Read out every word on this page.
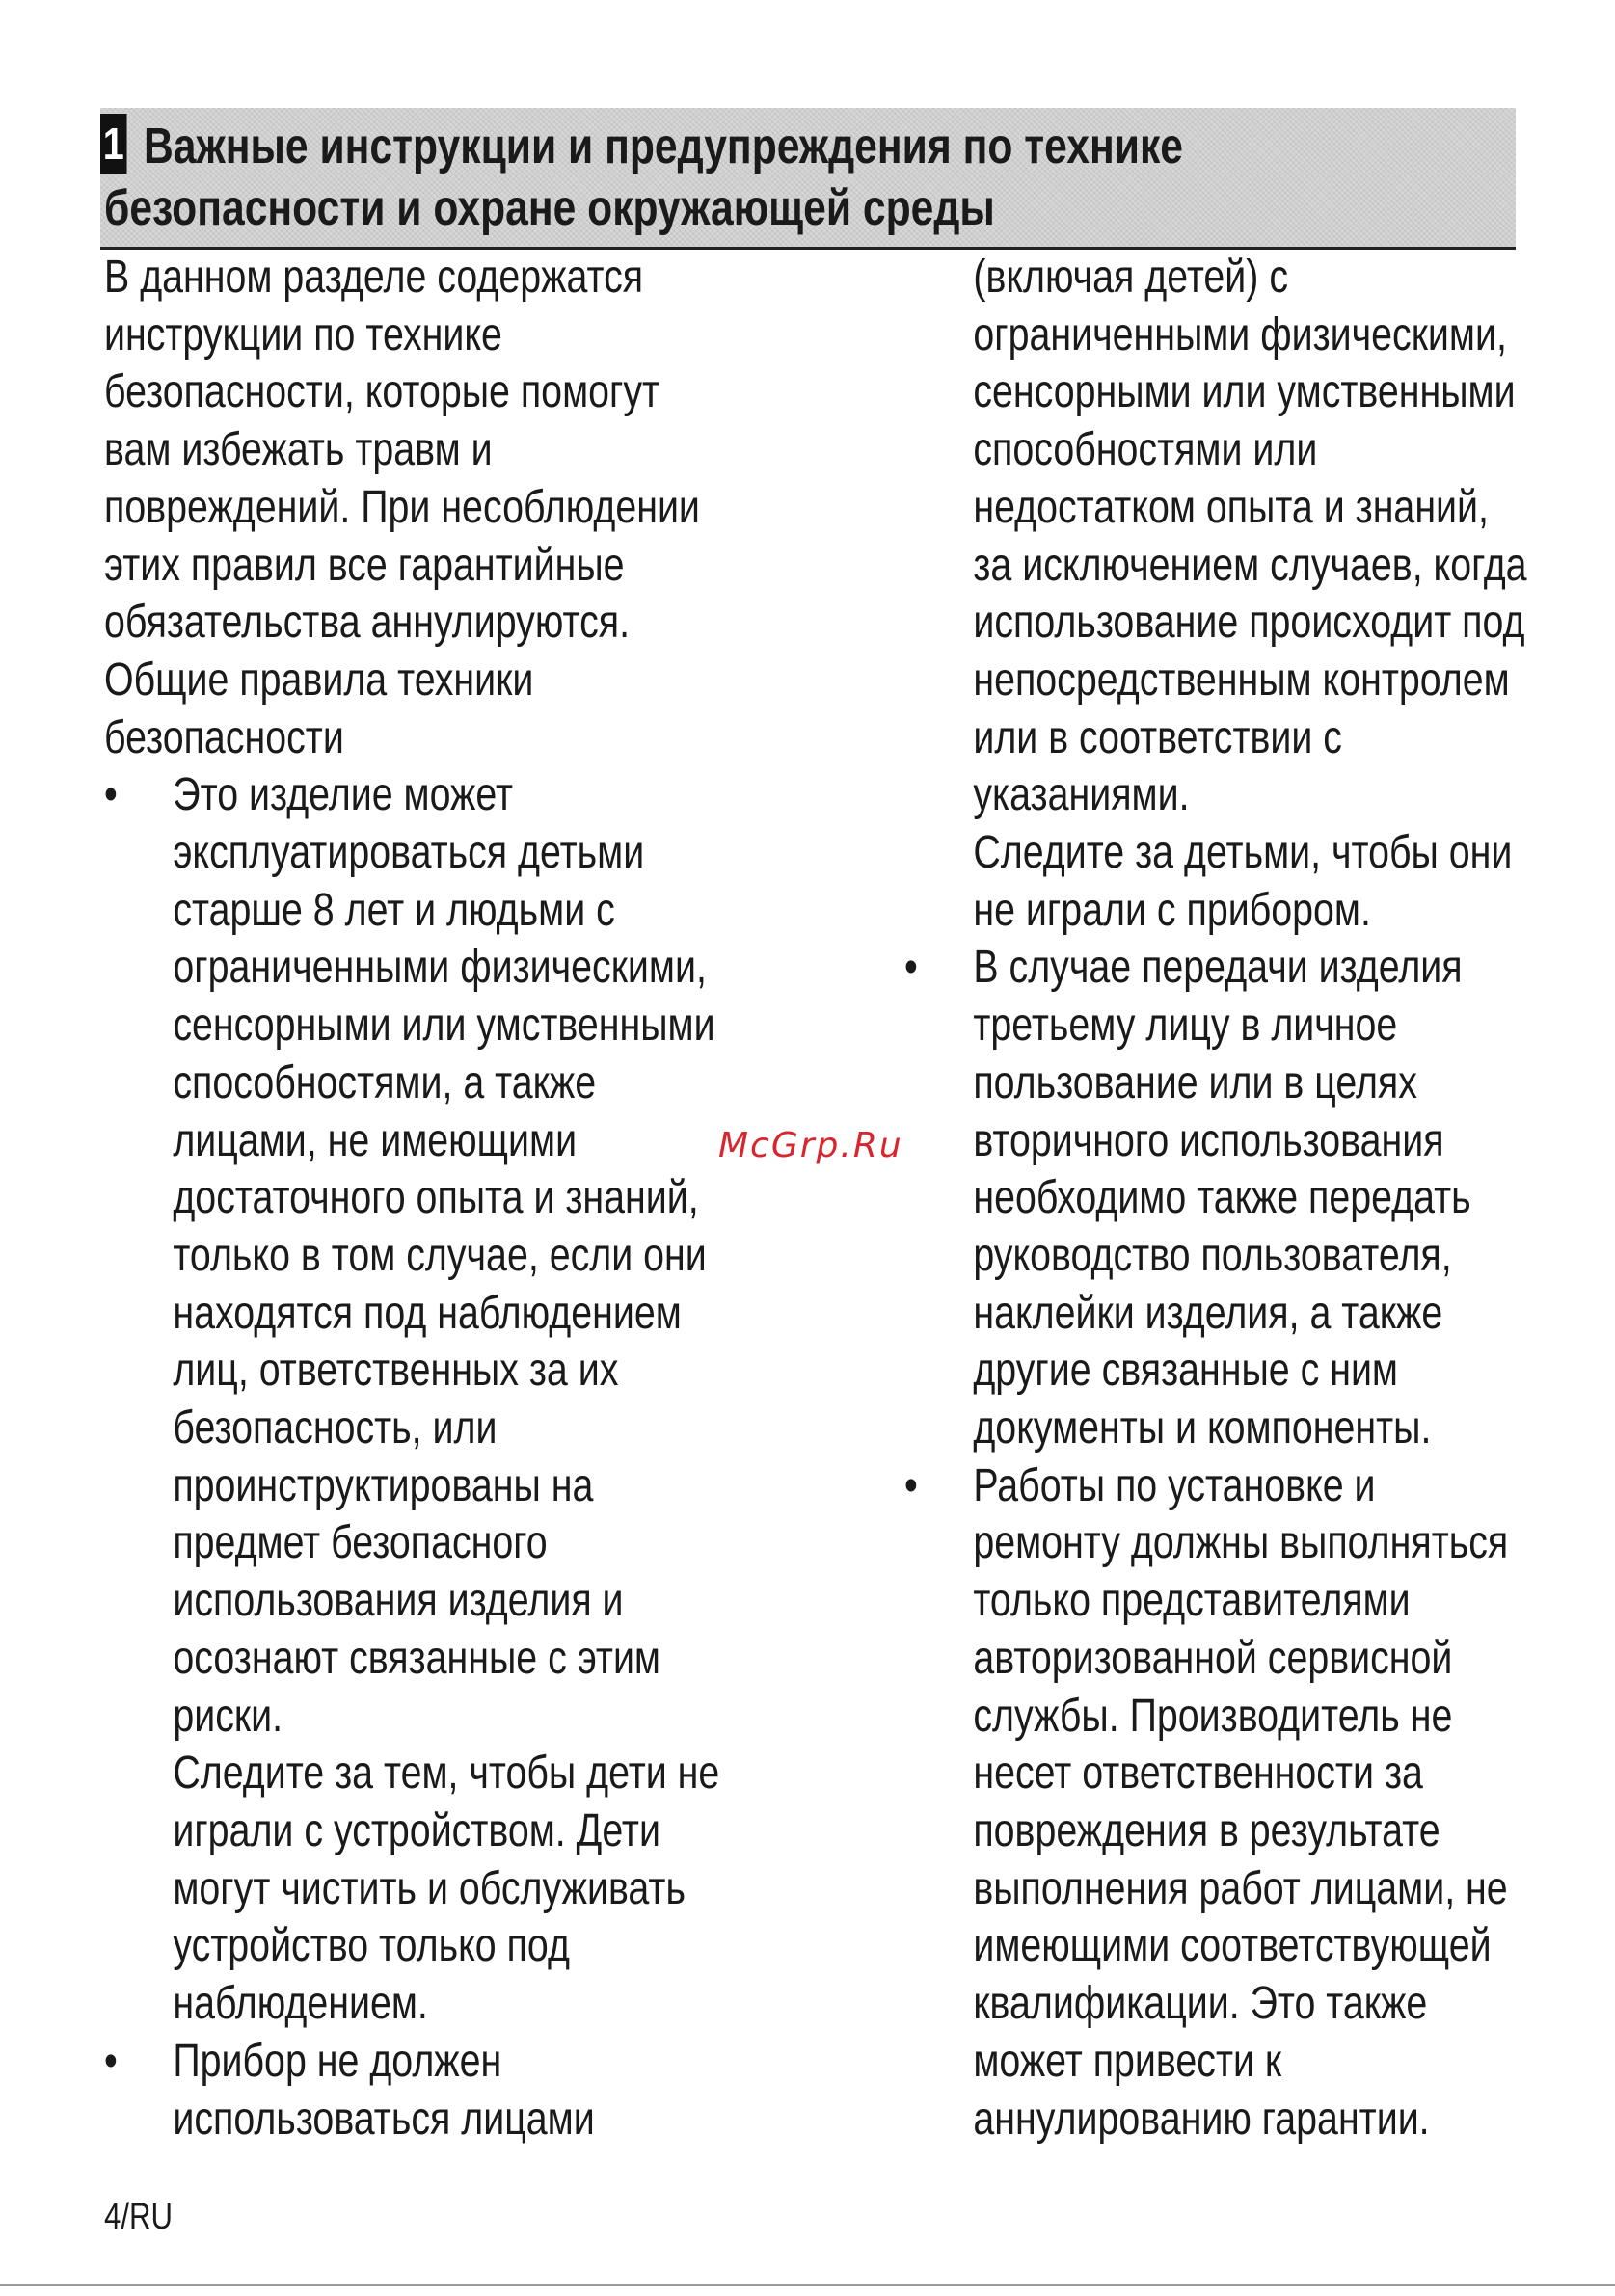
1 Важные инструкции и предупреждения по технике
безопасности и охране окружающей среды
В данном разделе содержатся
инструкции по технике
безопасности, которые помогут
вам избежать травм и
повреждений. При несоблюдении
этих правил все гарантийные
обязательства аннулируются.
Общие правила техники
безопасности
• Это изделие может
эксплуатироваться детьми
старше 8 лет и людьми с
ограниченными физическими,
сенсорными или умственными
способностями, а также
лицами, не имеющими
достаточного опыта и знаний,
только в том случае, если они
находятся под наблюдением
лиц, ответственных за их
безопасность, или
проинструктированы на
предмет безопасного
использования изделия и
осознают связанные с этим
риски.
Следите за тем, чтобы дети не
играли с устройством. Дети
могут чистить и обслуживать
устройство только под
наблюдением.
• Прибор не должен
использоваться лицами
(включая детей) с
ограниченными физическими,
сенсорными или умственными
способностями или
недостатком опыта и знаний,
за исключением случаев, когда
использование происходит под
непосредственным контролем
или в соответствии с
указаниями.
Следите за детьми, чтобы они
не играли с прибором.
• В случае передачи изделия
третьему лицу в личное
пользование или в целях
вторичного использования
необходимо также передать
руководство пользователя,
наклейки изделия, а также
другие связанные с ним
документы и компоненты.
• Работы по установке и
ремонту должны выполняться
только представителями
авторизованной сервисной
службы. Производитель не
несет ответственности за
повреждения в результате
выполнения работ лицами, не
имеющими соответствующей
квалификации. Это также
может привести к
аннулированию гарантии.
McGrp.Ru
4/RU
